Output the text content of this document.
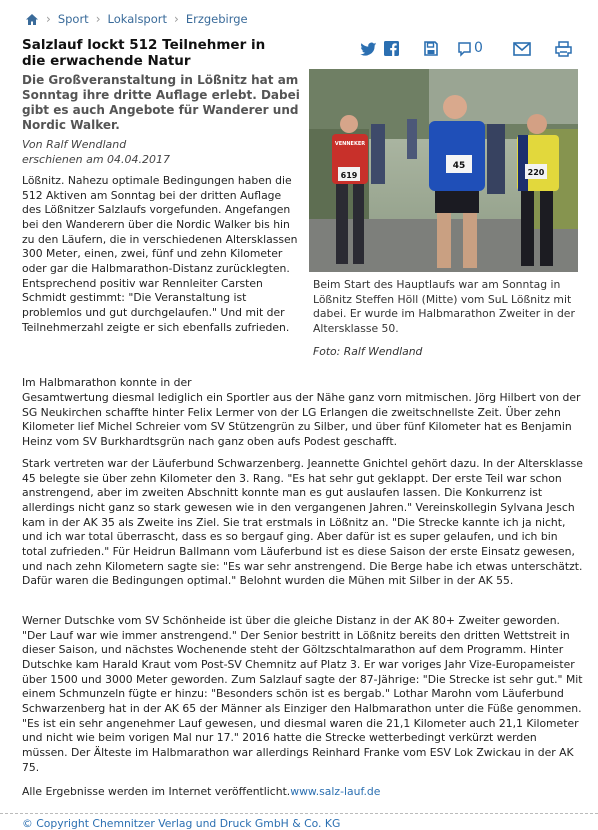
› Sport › Lokalsport › Erzgebirge
Salzlauf lockt 512 Teilnehmer in die erwachende Natur
0

Die Großveranstaltung in Lößnitz hat am Sonntag ihre dritte Auflage erlebt. Dabei gibt es auch Angebote für Wanderer und Nordic Walker.

Von Ralf Wendland
erschienen am 04.04.2017
619
VENNEKER
45
220

Beim Start des Hauptlaufs war am Sonntag in Lößnitz Steffen Höll (Mitte) vom SuL Lößnitz mit dabei. Er wurde im Halbmarathon Zweiter in der Altersklasse 50.

Foto: Ralf Wendland

Lößnitz. Nahezu optimale Bedingungen haben die 512 Aktiven am Sonntag bei der dritten Auflage des Lößnitzer Salzlaufs vorgefunden. Angefangen bei den Wanderern über die Nordic Walker bis hin zu den Läufern, die in verschiedenen Altersklassen 300 Meter, einen, zwei, fünf und zehn Kilometer oder gar die Halbmarathon-Distanz zurücklegten. Entsprechend positiv war Rennleiter Carsten Schmidt gestimmt: "Die Veranstaltung ist problemlos und gut durchgelaufen." Und mit der Teilnehmerzahl zeigte er sich ebenfalls zufrieden.

Im Halbmarathon konnte in der

Gesamtwertung diesmal lediglich ein Sportler aus der Nähe ganz vorn mitmischen. Jörg Hilbert von der SG Neukirchen schaffte hinter Felix Lermer von der LG Erlangen die zweitschnellste Zeit. Über zehn Kilometer lief Michel Schreier vom SV Stützengrün zu Silber, und über fünf Kilometer hat es Benjamin Heinz vom SV Burkhardtsgrün nach ganz oben aufs Podest geschafft.

Stark vertreten war der Läuferbund Schwarzenberg. Jeannette Gnichtel gehört dazu. In der Altersklasse 45 belegte sie über zehn Kilometer den 3. Rang. "Es hat sehr gut geklappt. Der erste Teil war schon anstrengend, aber im zweiten Abschnitt konnte man es gut auslaufen lassen. Die Konkurrenz ist allerdings nicht ganz so stark gewesen wie in den vergangenen Jahren." Vereinskollegin Sylvana Jesch kam in der AK 35 als Zweite ins Ziel. Sie trat erstmals in Lößnitz an. "Die Strecke kannte ich ja nicht, und ich war total überrascht, dass es so bergauf ging. Aber dafür ist es super gelaufen, und ich bin total zufrieden." Für Heidrun Ballmann vom Läuferbund ist es diese Saison der erste Einsatz gewesen, und nach zehn Kilometern sagte sie: "Es war sehr anstrengend. Die Berge habe ich etwas unterschätzt. Dafür waren die Bedingungen optimal." Belohnt wurden die Mühen mit Silber in der AK 55.

Werner Dutschke vom SV Schönheide ist über die gleiche Distanz in der AK 80+ Zweiter geworden. "Der Lauf war wie immer anstrengend." Der Senior bestritt in Lößnitz bereits den dritten Wettstreit in dieser Saison, und nächstes Wochenende steht der Göltzschtalmarathon auf dem Programm. Hinter Dutschke kam Harald Kraut vom Post-SV Chemnitz auf Platz 3. Er war voriges Jahr Vize-Europameister über 1500 und 3000 Meter geworden. Zum Salzlauf sagte der 87-Jährige: "Die Strecke ist sehr gut." Mit einem Schmunzeln fügte er hinzu: "Besonders schön ist es bergab." Lothar Marohn vom Läuferbund Schwarzenberg hat in der AK 65 der Männer als Einziger den Halbmarathon unter die Füße genommen. "Es ist ein sehr angenehmer Lauf gewesen, und diesmal waren die 21,1 Kilometer auch 21,1 Kilometer und nicht wie beim vorigen Mal nur 17." 2016 hatte die Strecke wetterbedingt verkürzt werden müssen. Der Älteste im Halbmarathon war allerdings Reinhard Franke vom ESV Lok Zwickau in der AK 75.

Alle Ergebnisse werden im Internet veröffentlicht.www.salz-lauf.de

© Copyright Chemnitzer Verlag und Druck GmbH & Co. KG
